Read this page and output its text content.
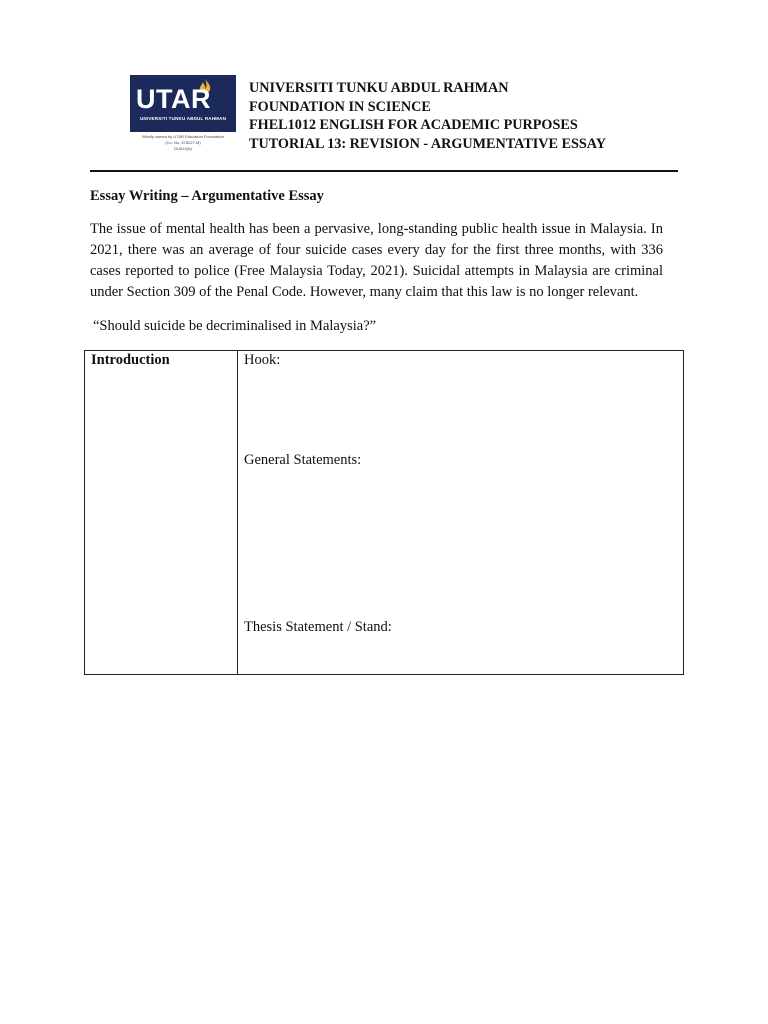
UTAR
UNIVERSITI TUNKU ABDUL RAHMAN
Wholly owned by UTAR Education Foundation
(Co. No. 578227-M)
DU012(A)
UNIVERSITI TUNKU ABDUL RAHMAN
FOUNDATION IN SCIENCE
FHEL1012 ENGLISH FOR ACADEMIC PURPOSES
TUTORIAL 13: REVISION - ARGUMENTATIVE ESSAY
Essay Writing – Argumentative Essay

The issue of mental health has been a pervasive, long-standing public health issue in Malaysia. In 2021, there was an average of four suicide cases every day for the first three months, with 336 cases reported to police (Free Malaysia Today, 2021). Suicidal attempts in Malaysia are criminal under Section 309 of the Penal Code. However, many claim that this law is no longer relevant.

“Should suicide be decriminalised in Malaysia?”
Introduction	Hook:
General Statements:
Thesis Statement / Stand:
